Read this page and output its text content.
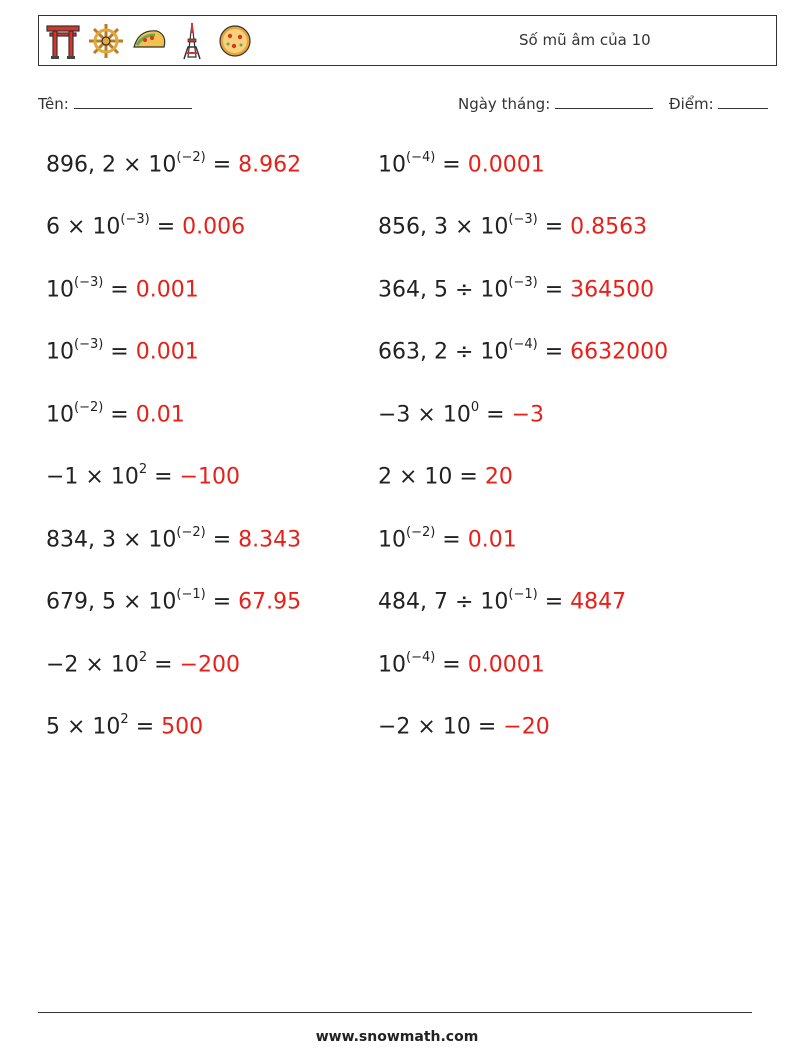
Số mũ âm của 10
Tên:	Ngày tháng:	Điểm:
896, $2 \times 10^{(-2)} = 8.962$	$10^{(-4)} = 0.0001$
$6 \times 10^{(-3)} = 0.006$	856, $3 \times 10^{(-3)} = 0.8563$
$10^{(-3)} = 0.001$	364, $5 \div 10^{(-3)} = 364500$
$10^{(-3)} = 0.001$	663, $2 \div 10^{(-4)} = 6632000$
$10^{(-2)} = 0.01$	$-3 \times 10^0 = -3$
$-1 \times 10^2 = -100$	2 × 10 = 20
834, $3 \times 10^{(-2)} = 8.343$	$10^{(-2)} = 0.01$
679, $5 \times 10^{(-1)} = 67.95$	484, $7 \div 10^{(-1)} = 4847$
$-2 \times 10^2 = -200$	$10^{(-4)} = 0.0001$
$5 \times 10^2 = 500$	−2 × 10 = −20
www.snowmath.com
